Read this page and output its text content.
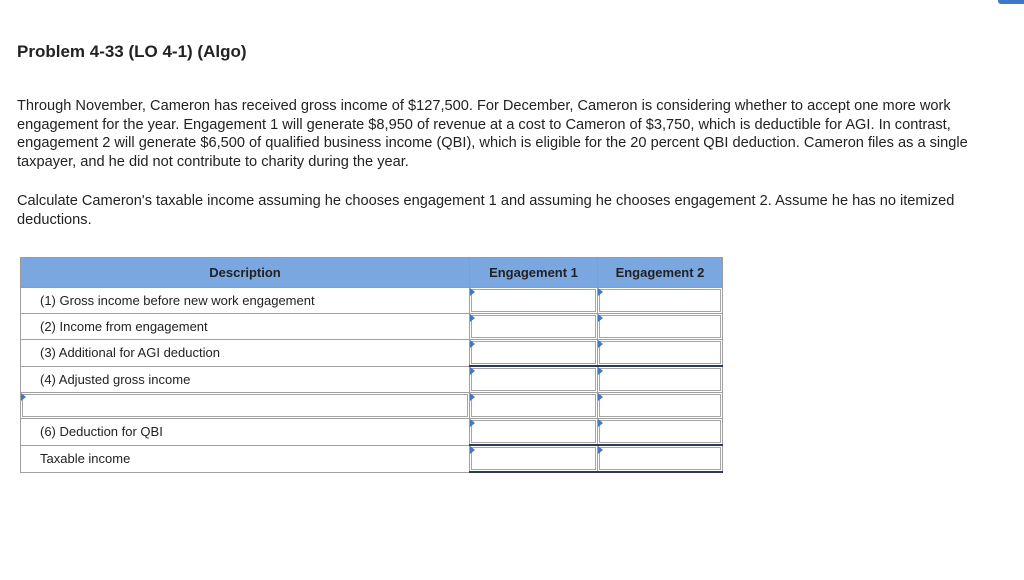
Problem 4-33 (LO 4-1) (Algo)

Through November, Cameron has received gross income of $127,500. For December, Cameron is considering whether to accept one more work engagement for the year. Engagement 1 will generate $8,950 of revenue at a cost to Cameron of $3,750, which is deductible for AGI. In contrast, engagement 2 will generate $6,500 of qualified business income (QBI), which is eligible for the 20 percent QBI deduction. Cameron files as a single taxpayer, and he did not contribute to charity during the year.

Calculate Cameron's taxable income assuming he chooses engagement 1 and assuming he chooses engagement 2. Assume he has no itemized deductions.

Description	Engagement 1	Engagement 2
(1) Gross income before new work engagement	

(2) Income from engagement	

(3) Additional for AGI deduction	

(4) Adjusted gross income	

(6) Deduction for QBI	

Taxable income	
